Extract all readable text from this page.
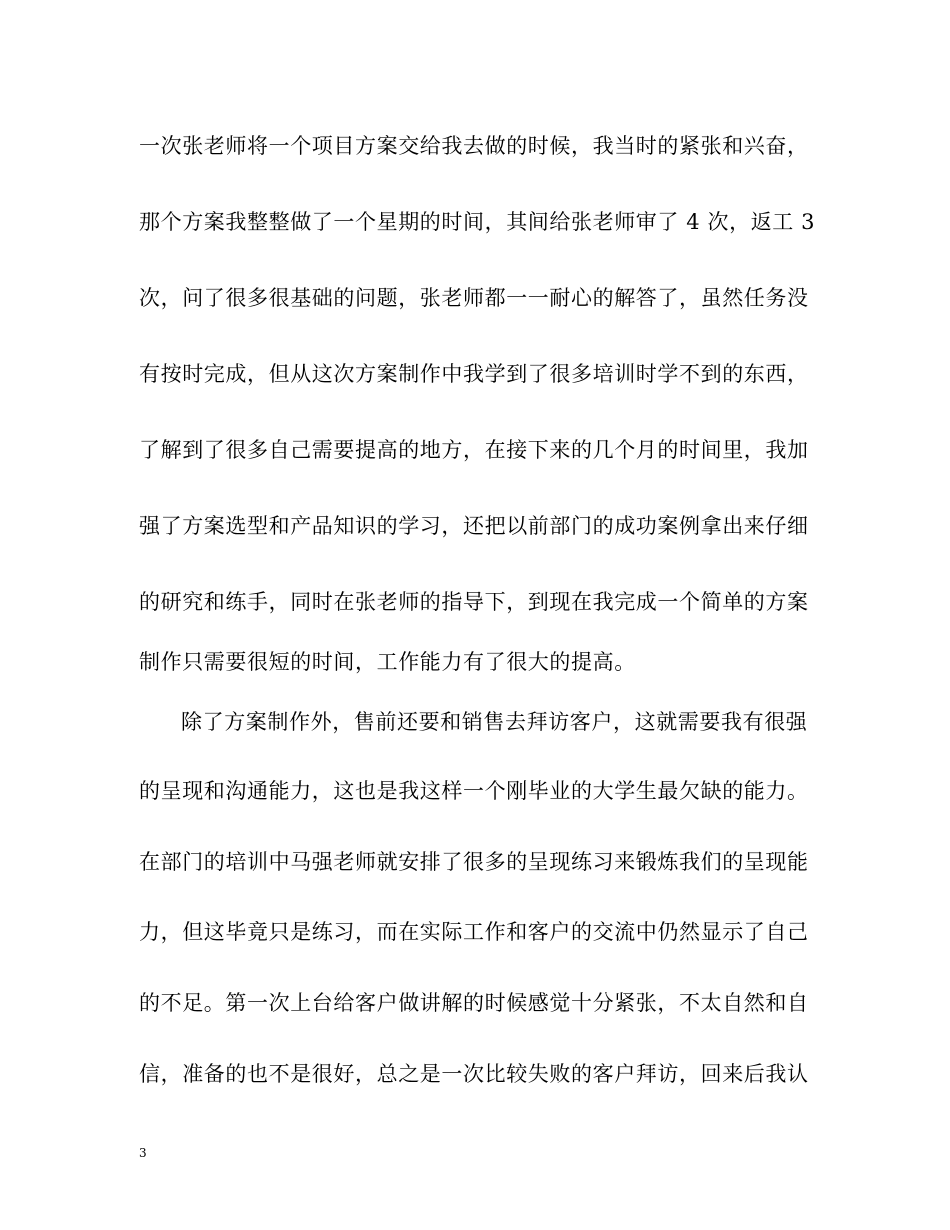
一次张老师将一个项目方案交给我去做的时候，我当时的紧张和兴奋，
那个方案我整整做了一个星期的时间，其间给张老师审了 4 次，返工 3
次，问了很多很基础的问题，张老师都一一耐心的解答了，虽然任务没
有按时完成，但从这次方案制作中我学到了很多培训时学不到的东西，
了解到了很多自己需要提高的地方，在接下来的几个月的时间里，我加
强了方案选型和产品知识的学习，还把以前部门的成功案例拿出来仔细
的研究和练手，同时在张老师的指导下，到现在我完成一个简单的方案
制作只需要很短的时间，工作能力有了很大的提高。
除了方案制作外，售前还要和销售去拜访客户，这就需要我有很强
的呈现和沟通能力，这也是我这样一个刚毕业的大学生最欠缺的能力。
在部门的培训中马强老师就安排了很多的呈现练习来锻炼我们的呈现能
力，但这毕竟只是练习，而在实际工作和客户的交流中仍然显示了自己
的不足。第一次上台给客户做讲解的时候感觉十分紧张，不太自然和自
信，准备的也不是很好，总之是一次比较失败的客户拜访，回来后我认
3
